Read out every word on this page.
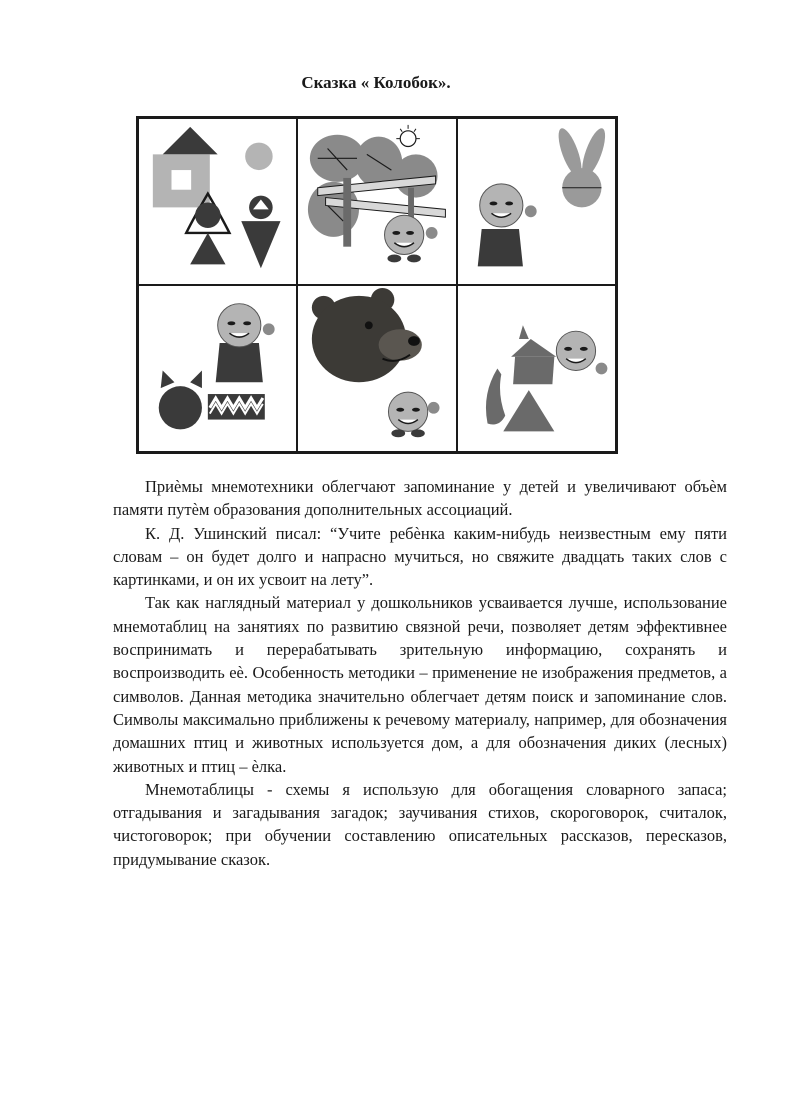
Сказка « Колобок».

Приѐмы мнемотехники облегчают запоминание у детей и увеличивают объѐм памяти путѐм образования дополнительных ассоциаций.

К. Д. Ушинский писал: “Учите ребѐнка каким-нибудь неизвестным ему пяти словам – он будет долго и напрасно мучиться, но свяжите двадцать таких слов с картинками, и он их усвоит на лету”.

Так как наглядный материал у дошкольников усваивается лучше, использование мнемотаблиц на занятиях по развитию связной речи, позволяет детям эффективнее воспринимать и перерабатывать зрительную информацию, сохранять и воспроизводить еѐ. Особенность методики – применение не изображения предметов, а символов. Данная методика значительно облегчает детям поиск и запоминание слов. Символы максимально приближены к речевому материалу, например, для обозначения домашних птиц и животных используется дом, а для обозначения диких (лесных) животных и птиц – ѐлка.

Мнемотаблицы - схемы я использую для обогащения словарного запаса; отгадывания и загадывания загадок; заучивания стихов, скороговорок, считалок, чистоговорок; при обучении составлению описательных рассказов, пересказов, придумывание сказок.
